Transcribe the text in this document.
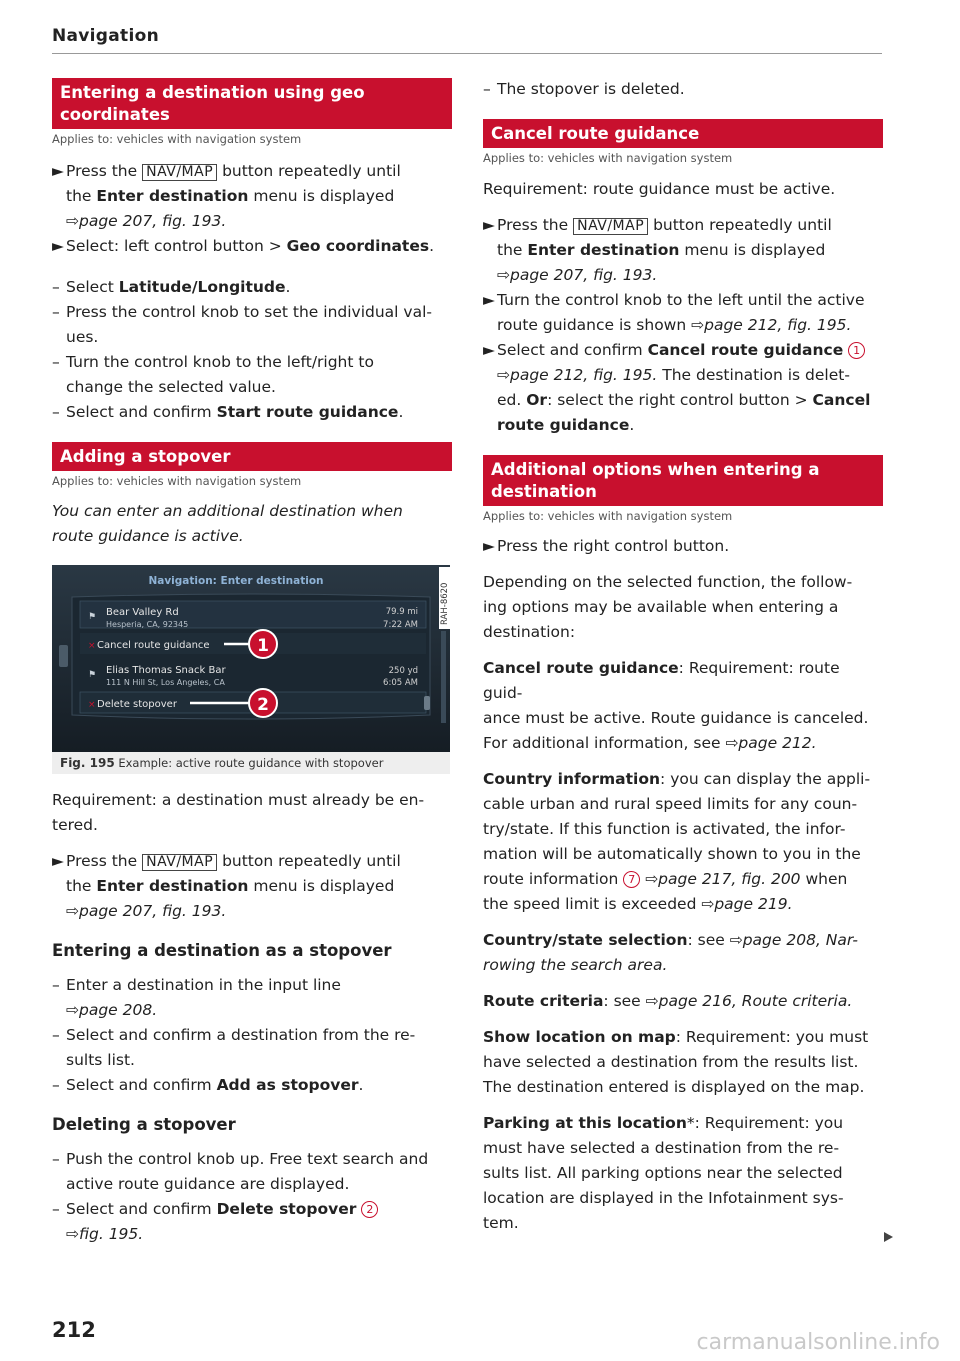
Navigation
Entering a destination using geo coordinates
Applies to: vehicles with navigation system
► Press the NAV/MAP button repeatedly until
the Enter destination menu is displayed
⇨page 207, fig. 193.
► Select: left control button > Geo coordinates.
– Select Latitude/Longitude.
– Press the control knob to set the individual val-
ues.
– Turn the control knob to the left/right to
change the selected value.
– Select and confirm Start route guidance.
Adding a stopover
Applies to: vehicles with navigation system
You can enter an additional destination when
route guidance is active.
Navigation: Enter destination
RAH-8620
⚑ Bear Valley Rd
Hesperia, CA, 92345
79.9 mi
7:22 AM
× Cancel route guidance	1
⚑ Elias Thomas Snack Bar
111 N Hill St, Los Angeles, CA
250 yd
6:05 AM
× Delete stopover	2
Fig. 195 Example: active route guidance with stopover
Requirement: a destination must already be en-
tered.
► Press the NAV/MAP button repeatedly until
the Enter destination menu is displayed
⇨page 207, fig. 193.
Entering a destination as a stopover
– Enter a destination in the input line
⇨page 208.
– Select and confirm a destination from the re-
sults list.
– Select and confirm Add as stopover.
Deleting a stopover
– Push the control knob up. Free text search and
active route guidance are displayed.
– Select and confirm Delete stopover 2
⇨fig. 195.
– The stopover is deleted.
Cancel route guidance
Applies to: vehicles with navigation system
Requirement: route guidance must be active.
► Press the NAV/MAP button repeatedly until
the Enter destination menu is displayed
⇨page 207, fig. 193.
► Turn the control knob to the left until the active
route guidance is shown ⇨page 212, fig. 195.
► Select and confirm Cancel route guidance 1
⇨page 212, fig. 195. The destination is delet-
ed. Or: select the right control button > Cancel
route guidance.
Additional options when entering a destination
Applies to: vehicles with navigation system
► Press the right control button.
Depending on the selected function, the follow-
ing options may be available when entering a
destination:
Cancel route guidance: Requirement: route guid-
ance must be active. Route guidance is canceled.
For additional information, see ⇨page 212.
Country information: you can display the appli-
cable urban and rural speed limits for any coun-
try/state. If this function is activated, the infor-
mation will be automatically shown to you in the
route information 7 ⇨page 217, fig. 200 when
the speed limit is exceeded ⇨page 219.
Country/state selection: see ⇨page 208, Nar-
rowing the search area.
Route criteria: see ⇨page 216, Route criteria.
Show location on map: Requirement: you must
have selected a destination from the results list.
The destination entered is displayed on the map.
Parking at this location*: Requirement: you
must have selected a destination from the re-
sults list. All parking options near the selected
location are displayed in the Infotainment sys-
tem.
212	carmanualsonline.info
